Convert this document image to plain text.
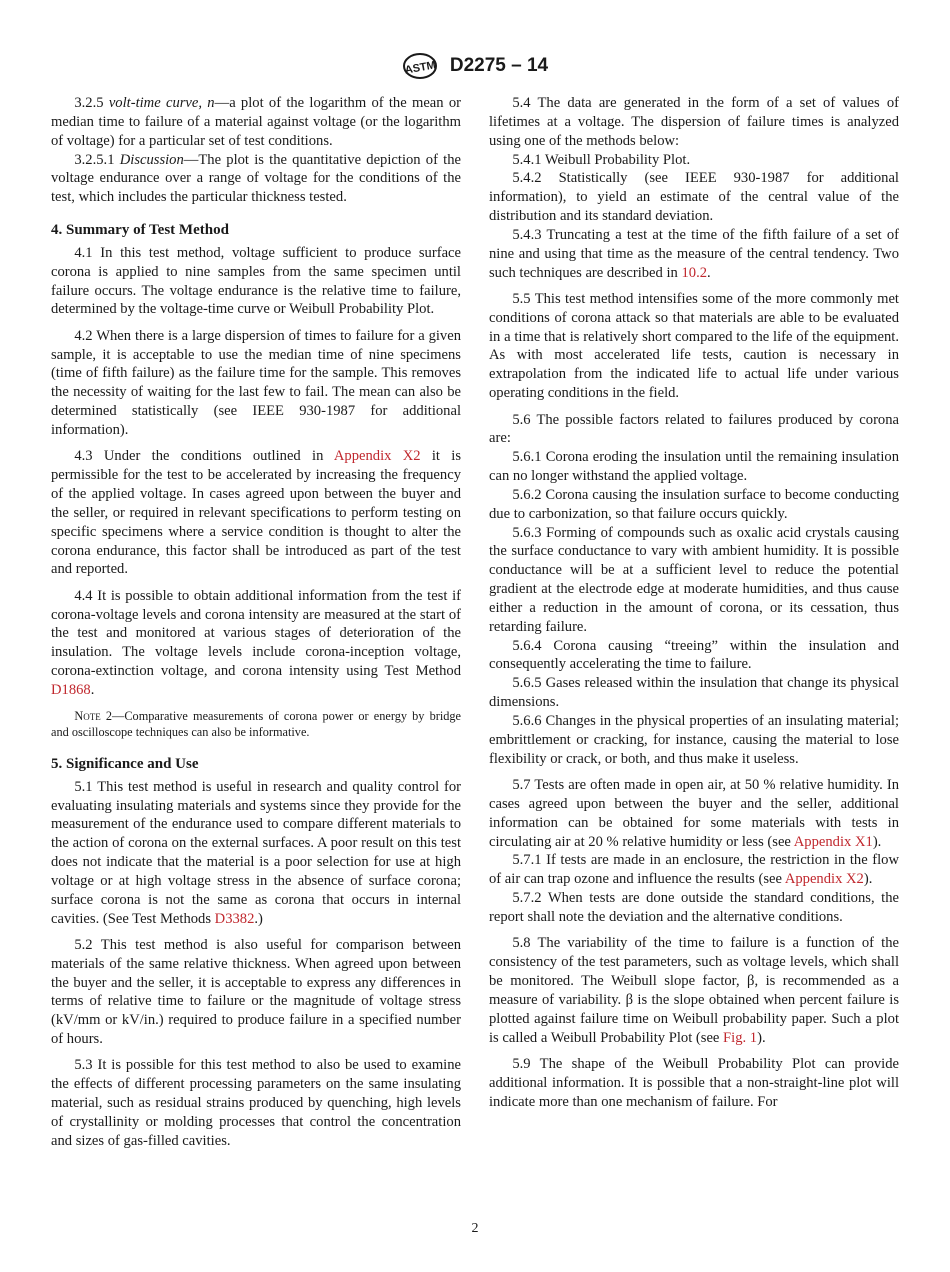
ASTM D2275 – 14

3.2.5 volt-time curve, n—a plot of the logarithm of the mean or median time to failure of a material against voltage (or the logarithm of voltage) for a particular set of test conditions.

3.2.5.1 Discussion—The plot is the quantitative depiction of the voltage endurance over a range of voltage for the conditions of the test, which includes the particular thickness tested.

4. Summary of Test Method

4.1 In this test method, voltage sufficient to produce surface corona is applied to nine samples from the same specimen until failure occurs. The voltage endurance is the relative time to failure, determined by the voltage-time curve or Weibull Probability Plot.

4.2 When there is a large dispersion of times to failure for a given sample, it is acceptable to use the median time of nine specimens (time of fifth failure) as the failure time for the sample. This removes the necessity of waiting for the last few to fail. The mean can also be determined statistically (see IEEE 930-1987 for additional information).

4.3 Under the conditions outlined in Appendix X2 it is permissible for the test to be accelerated by increasing the frequency of the applied voltage. In cases agreed upon between the buyer and the seller, or required in relevant specifications to perform testing on specific specimens where a service condition is thought to alter the corona endurance, this factor shall be introduced as part of the test and reported.

4.4 It is possible to obtain additional information from the test if corona-voltage levels and corona intensity are measured at the start of the test and monitored at various stages of deterioration of the insulation. The voltage levels include corona-inception voltage, corona-extinction voltage, and corona intensity using Test Method D1868.

Note 2—Comparative measurements of corona power or energy by bridge and oscilloscope techniques can also be informative.

5. Significance and Use

5.1 This test method is useful in research and quality control for evaluating insulating materials and systems since they provide for the measurement of the endurance used to compare different materials to the action of corona on the external surfaces. A poor result on this test does not indicate that the material is a poor selection for use at high voltage or at high voltage stress in the absence of surface corona; surface corona is not the same as corona that occurs in internal cavities. (See Test Methods D3382.)

5.2 This test method is also useful for comparison between materials of the same relative thickness. When agreed upon between the buyer and the seller, it is acceptable to express any differences in terms of relative time to failure or the magnitude of voltage stress (kV/mm or kV/in.) required to produce failure in a specified number of hours.

5.3 It is possible for this test method to also be used to examine the effects of different processing parameters on the same insulating material, such as residual strains produced by quenching, high levels of crystallinity or molding processes that control the concentration and sizes of gas-filled cavities.

5.4 The data are generated in the form of a set of values of lifetimes at a voltage. The dispersion of failure times is analyzed using one of the methods below:

5.4.1 Weibull Probability Plot.

5.4.2 Statistically (see IEEE 930-1987 for additional information), to yield an estimate of the central value of the distribution and its standard deviation.

5.4.3 Truncating a test at the time of the fifth failure of a set of nine and using that time as the measure of the central tendency. Two such techniques are described in 10.2.

5.5 This test method intensifies some of the more commonly met conditions of corona attack so that materials are able to be evaluated in a time that is relatively short compared to the life of the equipment. As with most accelerated life tests, caution is necessary in extrapolation from the indicated life to actual life under various operating conditions in the field.

5.6 The possible factors related to failures produced by corona are:

5.6.1 Corona eroding the insulation until the remaining insulation can no longer withstand the applied voltage.

5.6.2 Corona causing the insulation surface to become conducting due to carbonization, so that failure occurs quickly.

5.6.3 Forming of compounds such as oxalic acid crystals causing the surface conductance to vary with ambient humidity. It is possible conductance will be at a sufficient level to reduce the potential gradient at the electrode edge at moderate humidities, and thus cause either a reduction in the amount of corona, or its cessation, thus retarding failure.

5.6.4 Corona causing “treeing” within the insulation and consequently accelerating the time to failure.

5.6.5 Gases released within the insulation that change its physical dimensions.

5.6.6 Changes in the physical properties of an insulating material; embrittlement or cracking, for instance, causing the material to lose flexibility or crack, or both, and thus make it useless.

5.7 Tests are often made in open air, at 50 % relative humidity. In cases agreed upon between the buyer and the seller, additional information can be obtained for some materials with tests in circulating air at 20 % relative humidity or less (see Appendix X1).

5.7.1 If tests are made in an enclosure, the restriction in the flow of air can trap ozone and influence the results (see Appendix X2).

5.7.2 When tests are done outside the standard conditions, the report shall note the deviation and the alternative conditions.

5.8 The variability of the time to failure is a function of the consistency of the test parameters, such as voltage levels, which shall be monitored. The Weibull slope factor, β, is recommended as a measure of variability. β is the slope obtained when percent failure is plotted against failure time on Weibull probability paper. Such a plot is called a Weibull Probability Plot (see Fig. 1).

5.9 The shape of the Weibull Probability Plot can provide additional information. It is possible that a non-straight-line plot will indicate more than one mechanism of failure. For

2
